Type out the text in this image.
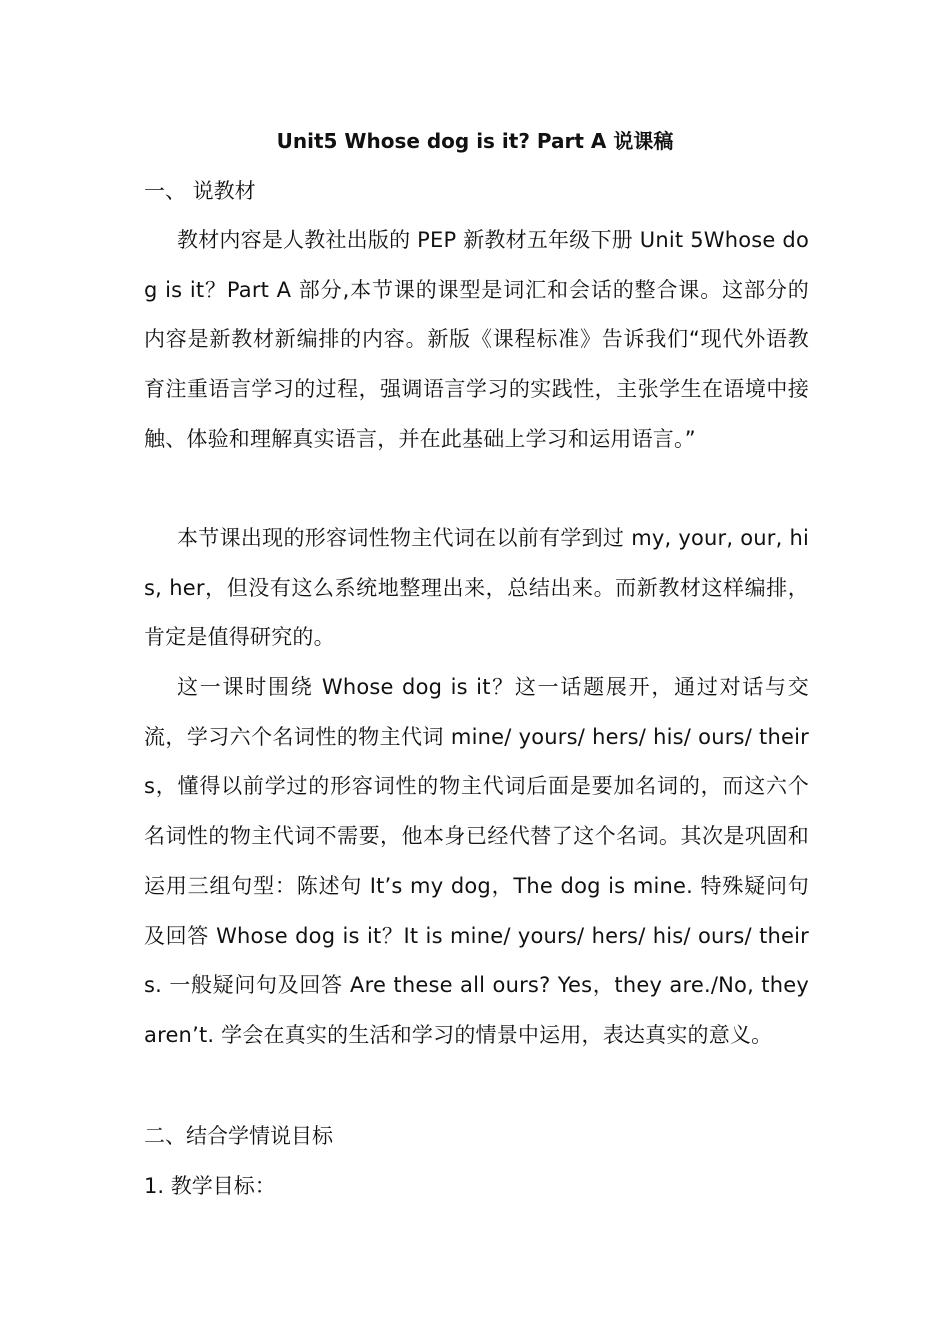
Unit5 Whose dog is it? Part A 说课稿
一、 说教材
教材内容是人教社出版的 PEP 新教材五年级下册 Unit 5Whose dog is it？Part A 部分,本节课的课型是词汇和会话的整合课。这部分的内容是新教材新编排的内容。新版《课程标准》告诉我们“现代外语教育注重语言学习的过程，强调语言学习的实践性，主张学生在语境中接触、体验和理解真实语言，并在此基础上学习和运用语言。”
本节课出现的形容词性物主代词在以前有学到过 my, your, our, his, her，但没有这么系统地整理出来，总结出来。而新教材这样编排，肯定是值得研究的。
这一课时围绕 Whose dog is it？这一话题展开，通过对话与交流，学习六个名词性的物主代词 mine/ yours/ hers/ his/ ours/ theirs，懂得以前学过的形容词性的物主代词后面是要加名词的，而这六个名词性的物主代词不需要，他本身已经代替了这个名词。其次是巩固和运用三组句型：陈述句 It’s my dog，The dog is mine. 特殊疑问句及回答 Whose dog is it？It is mine/ yours/ hers/ his/ ours/ theirs. 一般疑问句及回答 Are these all ours? Yes，they are./No, they aren’t. 学会在真实的生活和学习的情景中运用，表达真实的意义。
二、结合学情说目标
1. 教学目标：
